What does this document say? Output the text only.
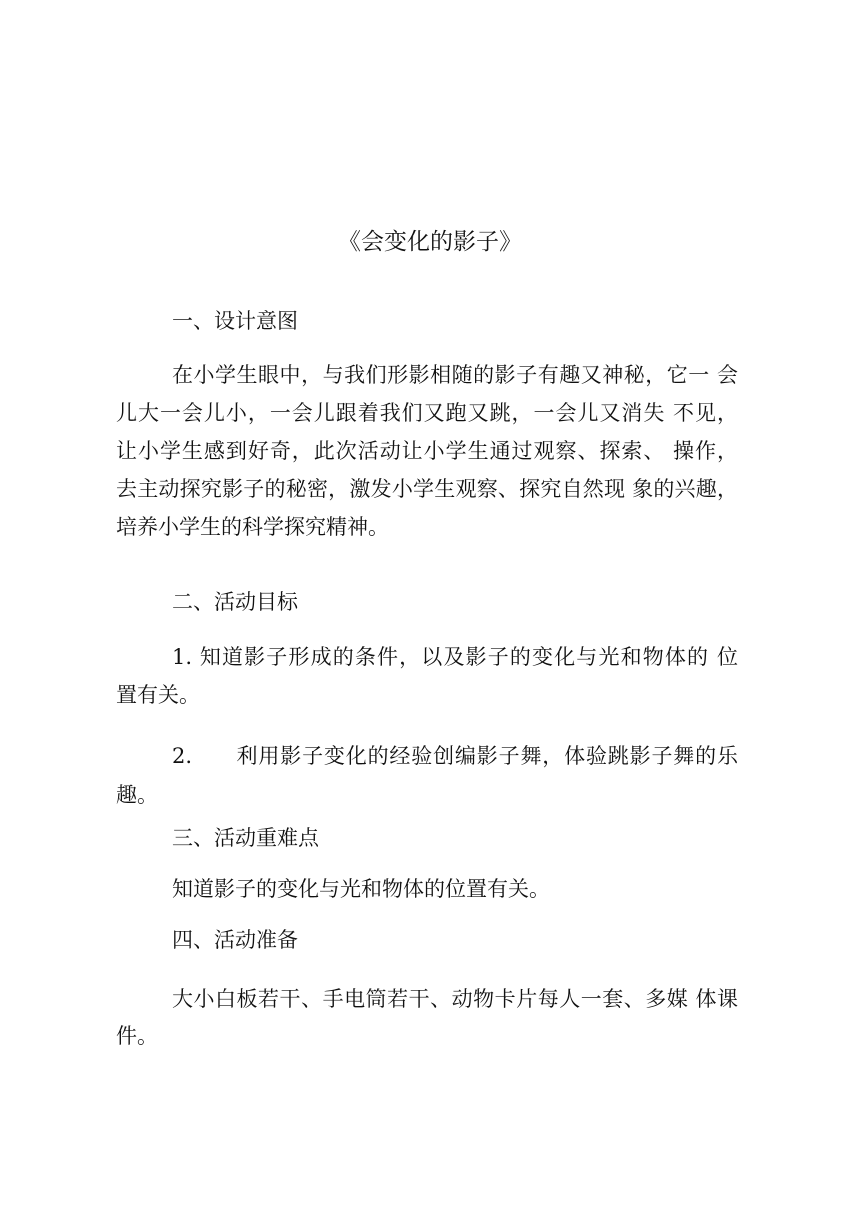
《会变化的影子》

一、设计意图

在小学生眼中，与我们形影相随的影子有趣又神秘，它一 会

儿大一会儿小，一会儿跟着我们又跑又跳，一会儿又消失 不见，

让小学生感到好奇，此次活动让小学生通过观察、探索、 操作，

去主动探究影子的秘密，激发小学生观察、探究自然现 象的兴趣，

培养小学生的科学探究精神。

二、活动目标

1. 知道影子形成的条件，以及影子的变化与光和物体的 位

置有关。

2.　　利用影子变化的经验创编影子舞，体验跳影子舞的乐

趣。

三、活动重难点

知道影子的变化与光和物体的位置有关。

四、活动准备

大小白板若干、手电筒若干、动物卡片每人一套、多媒 体课

件。
